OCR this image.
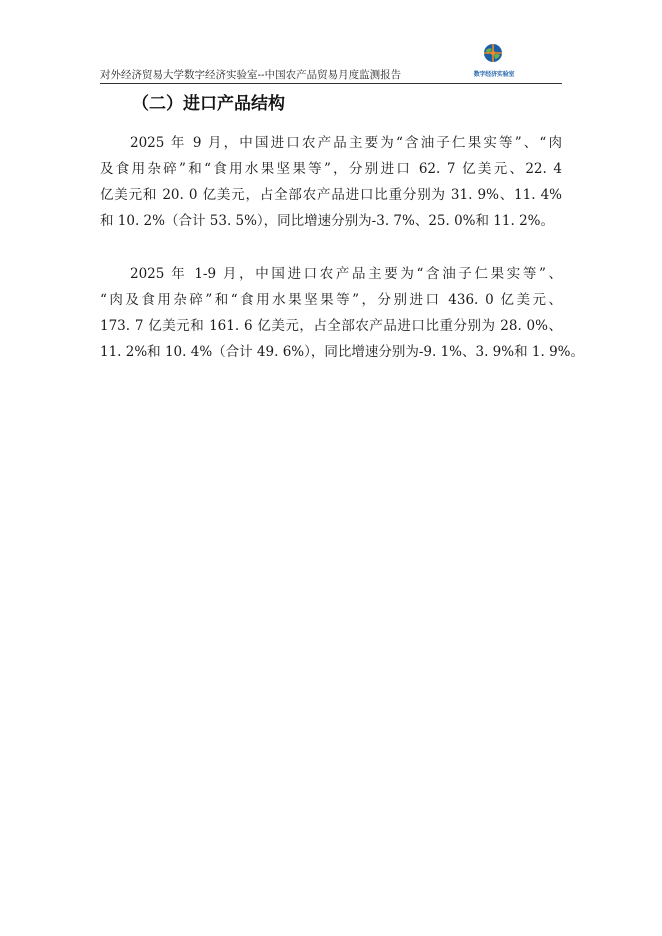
对外经济贸易大学数字经济实验室--中国农产品贸易月度监测报告	数字经济实验室
（二）进口产品结构
2025 年 9 月，中国进口农产品主要为“含油子仁果实等”、“肉
及食用杂碎”和“食用水果坚果等”，分别进口 62. 7 亿美元、22. 4
亿美元和 20. 0 亿美元，占全部农产品进口比重分别为 31. 9%、11. 4%
和 10. 2%（合计 53. 5%），同比增速分别为-3. 7%、25. 0%和 11. 2%。
2025 年 1-9 月，中国进口农产品主要为“含油子仁果实等”、
“肉及食用杂碎”和“食用水果坚果等”，分别进口 436. 0 亿美元、
173. 7 亿美元和 161. 6 亿美元，占全部农产品进口比重分别为 28. 0%、
11. 2%和 10. 4%（合计 49. 6%），同比增速分别为-9. 1%、3. 9%和 1. 9%。
